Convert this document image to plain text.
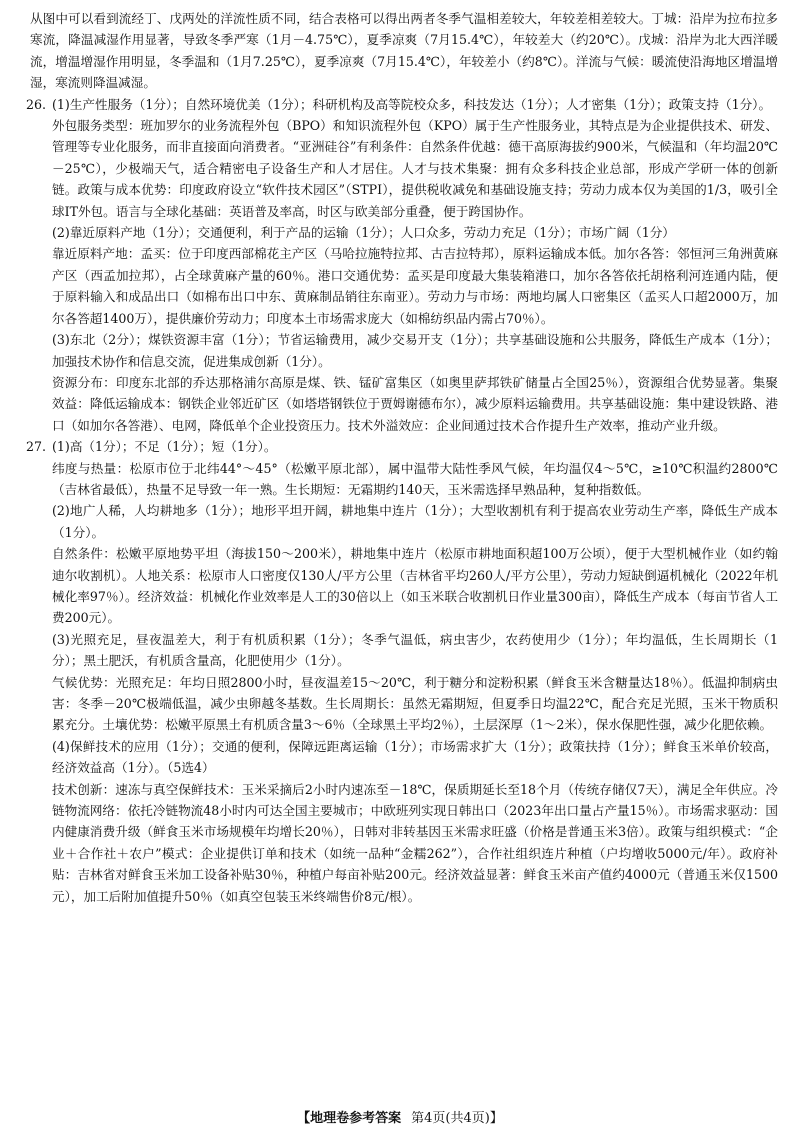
从图中可以看到流经丁、戊两处的洋流性质不同，结合表格可以得出两者冬季气温相差较大，年较差相差较大。丁城：沿岸为拉布拉多寒流，降温减湿作用显著，导致冬季严寒（1月－4.75℃），夏季凉爽（7月15.4℃），年较差大（约20℃）。戊城：沿岸为北大西洋暖流，增温增湿作用明显，冬季温和（1月7.25℃），夏季凉爽（7月15.4℃），年较差小（约8℃）。洋流与气候：暖流使沿海地区增温增湿，寒流则降温减湿。

26. (1)生产性服务（1分）；自然环境优美（1分）；科研机构及高等院校众多，科技发达（1分）；人才密集（1分）；政策支持（1分）。

外包服务类型：班加罗尔的业务流程外包（BPO）和知识流程外包（KPO）属于生产性服务业，其特点是为企业提供技术、研发、管理等专业化服务，而非直接面向消费者。“亚洲硅谷”有利条件：自然条件优越：德干高原海拔约900米，气候温和（年均温20℃－25℃），少极端天气，适合精密电子设备生产和人才居住。人才与技术集聚：拥有众多科技企业总部，形成产学研一体的创新链。政策与成本优势：印度政府设立“软件技术园区”（STPI），提供税收减免和基础设施支持；劳动力成本仅为美国的1/3，吸引全球IT外包。语言与全球化基础：英语普及率高，时区与欧美部分重叠，便于跨国协作。

(2)靠近原料产地（1分）；交通便利，利于产品的运输（1分）；人口众多，劳动力充足（1分）；市场广阔（1分）

靠近原料产地：孟买：位于印度西部棉花主产区（马哈拉施特拉邦、古吉拉特邦），原料运输成本低。加尔各答：邻恒河三角洲黄麻产区（西孟加拉邦），占全球黄麻产量的60％。港口交通优势：孟买是印度最大集装箱港口，加尔各答依托胡格利河连通内陆，便于原料输入和成品出口（如棉布出口中东、黄麻制品销往东南亚）。劳动力与市场：两地均属人口密集区（孟买人口超2000万，加尔各答超1400万），提供廉价劳动力；印度本土市场需求庞大（如棉纺织品内需占70％）。

(3)东北（2分）；煤铁资源丰富（1分）；节省运输费用，减少交易开支（1分）；共享基础设施和公共服务，降低生产成本（1分）；加强技术协作和信息交流，促进集成创新（1分）。

资源分布：印度东北部的乔达那格浦尔高原是煤、铁、锰矿富集区（如奥里萨邦铁矿储量占全国25％），资源组合优势显著。集聚效益：降低运输成本：钢铁企业邻近矿区（如塔塔钢铁位于贾姆谢德布尔），减少原料运输费用。共享基础设施：集中建设铁路、港口（如加尔各答港）、电网，降低单个企业投资压力。技术外溢效应：企业间通过技术合作提升生产效率，推动产业升级。

27. (1)高（1分）；不足（1分）；短（1分）。

纬度与热量：松原市位于北纬44°～45°（松嫩平原北部），属中温带大陆性季风气候，年均温仅4～5℃，≥10℃积温约2800℃（吉林省最低），热量不足导致一年一熟。生长期短：无霜期约140天，玉米需选择早熟品种，复种指数低。

(2)地广人稀，人均耕地多（1分）；地形平坦开阔，耕地集中连片（1分）；大型收割机有利于提高农业劳动生产率，降低生产成本（1分）。

自然条件：松嫩平原地势平坦（海拔150～200米），耕地集中连片（松原市耕地面积超100万公顷），便于大型机械作业（如约翰迪尔收割机）。人地关系：松原市人口密度仅130人/平方公里（吉林省平均260人/平方公里），劳动力短缺倒逼机械化（2022年机械化率97％）。经济效益：机械化作业效率是人工的30倍以上（如玉米联合收割机日作业量300亩），降低生产成本（每亩节省人工费200元）。

(3)光照充足，昼夜温差大，利于有机质积累（1分）；冬季气温低，病虫害少，农药使用少（1分）；年均温低，生长周期长（1分）；黑土肥沃，有机质含量高，化肥使用少（1分）。

气候优势：光照充足：年均日照2800小时，昼夜温差15～20℃，利于糖分和淀粉积累（鲜食玉米含糖量达18％）。低温抑制病虫害：冬季－20℃极端低温，减少虫卵越冬基数。生长周期长：虽然无霜期短，但夏季日均温22℃，配合充足光照，玉米干物质积累充分。土壤优势：松嫩平原黑土有机质含量3～6％（全球黑土平均2％），土层深厚（1～2米），保水保肥性强，减少化肥依赖。

(4)保鲜技术的应用（1分）；交通的便利，保障远距离运输（1分）；市场需求扩大（1分）；政策扶持（1分）；鲜食玉米单价较高，经济效益高（1分）。（5选4）

技术创新：速冻与真空保鲜技术：玉米采摘后2小时内速冻至－18℃，保质期延长至18个月（传统存储仅7天），满足全年供应。冷链物流网络：依托冷链物流48小时内可达全国主要城市；中欧班列实现日韩出口（2023年出口量占产量15％）。市场需求驱动：国内健康消费升级（鲜食玉米市场规模年均增长20％），日韩对非转基因玉米需求旺盛（价格是普通玉米3倍）。政策与组织模式：“企业＋合作社＋农户”模式：企业提供订单和技术（如统一品种“金糯262”），合作社组织连片种植（户均增收5000元/年）。政府补贴：吉林省对鲜食玉米加工设备补贴30％，种植户每亩补贴200元。经济效益显著：鲜食玉米亩产值约4000元（普通玉米仅1500元），加工后附加值提升50％（如真空包装玉米终端售价8元/根）。

【地理卷参考答案 第4页(共4页)】
